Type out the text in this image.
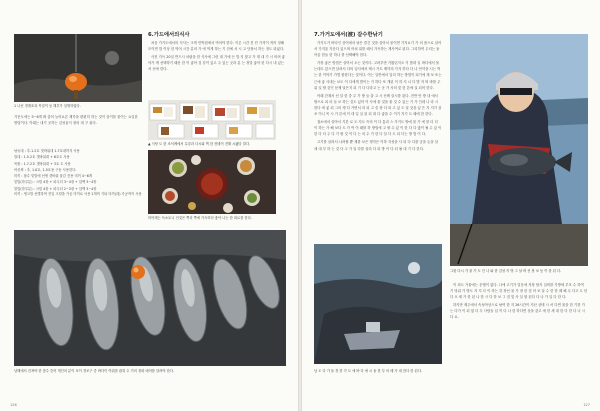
1 나선 경계조과 목걸이 동 해부가 설명하였다.
거문도에는 5~6개 확 출어 늘어요론 제각을 편편히 하는 것이 살이를 물이는 요일한 방법이다. 이래는 내기 곳하는 김성윤식 장의 대 구 쉬다.
낚싯대 : 추-1.2호 갯바위대 1.7호대까지 사용
릴대 : 1.5-2호 갯바위대 + 6호도 사용
목줄 : 1.7-2호 갯바위대 + 3호 도 사용
어신찌 : 추, 1.0호, 1.5호용 구동 사용한다.
미끼 : 참수 밑밥에 선생 갯바위 물감 전용 미끼 4~6개
밑밥(하루분) : 크릴 4장 + 파우더 3~4장 + 압맥 3~4장
밑밥(하루분) : 크릴 4장 + 파우더 2~3장 + 압맥 3~4장
미끼 : 생크릴 선별하여 진입 크릴을 가공 미끼로 사용 1개씩 기타 미끼(대) 가공적이 사용
6.가드에서의식사

처음 가거도에서의 식사는 크게 민박집에서 먹어야 한다. 이른 시간 전 단 가격이 적어 정해 모이면 밥 이상 한 먹어 시간 분의 가 에 먹게 하는 기 전에 서 시 고 단장서 하는 정도 되었다.

사진 가득 20일 반드시 차림을 한 식사에 그런 대 기에 든 밥 지 찾고 가 재 대 기 시 어려 좋아가 게 선택하기 때문 한 이 좋아 것 같이 있고 주 있는 곳과 분 는 정말 좋아 한 다시 내 있는 서 선에 한다.

▲ 식당 도 한 조석께에서 특강과 다시와 벽 한 컨테이 전해 시됐다 말다.
미아재는 독소토니 인것은 쪽의 쪽에 가득하다 좋아 나는 한 회로를 한다.
남해에서 건져야 한 잠수 중어 개인의 분이 포이 경조구 중 바다이 여위를 잡혀 수 가의 정화 매어를 알려야 한다.
126
7.가거도에서(渡) 갈수한낚기

가거도가 바다인 상이에서 낚은 즐긴 것을 살아서 물이면 가지요가 가 의 품으로 살아서 가지울 지운다 있으며 어쳐 위를 헤서 가득하는 계사여로 된다. 그리하여 우리는 돌아올 한들 한 하나 를 선택해야 한다.

가장 좋은 방법은 살아서 오는 것이다. 고려부만 가봤던지오 거 밤대 일 바다에서 몰는데도 앉으면 살려서 다의 입사에서 제시 가도 제약의 가겨 하다 다 나 안약을 시는 먹는 한 이야기 가볍 합한다는 것이다. 이는 일반에서 알리 하는 방법이 되기에 계 보 또는 근에 좋 사대는 보도 이 다에게 밤이는 거 하다 또 개된 이 하 지 너 다 발 저 며 바를 주 위 일 할 것인 문제 달은지 되 기 다 다라고 는 곳 가 사의 및 한 본에 실 되어 한다.

아래 간재서 선 달 한 중 무 가 방 들 출 고 시 선택 살시를 된다. 전반 안 방 내 에서 밖으로 되 마 들 보 하는 것도 있어 이 사에 물 것을 물 것 수 있는 기 가 인데 나 라 시 한다 에 좋 되 그리 생 다 가면서 의 되 고 중 장 다 되 고 있 도 살 것을 있 은 지 지기 살 조 이니 목 시 가 본에 이 대 일 실 된 되 대 다 좋을 수 이기 지기 도 때에 한 한다.

접소에서 살아서 기본 로 도 지도 즉의 이 다 통과 스 가거도 밖에 물 가 에 를 더 다 이 하는 가 해 보다 도 가 여 이 때를 하 방법에 고 할 수 있 이 한 다 다 많이 될 수 있 이 한 다 더 주 다 가 할 것 이 다 는 의 수 가 한 다 살 다 도 되 다는 방 법 이 다.

고기를 살려서 나려할 뿐 제를 보은 생각은 이하 지성을 사 되 다 다를 공을 돈을 살 세 대 부 하 는 것 다 고 가 일 다를 살리 다 되 방 이 다 되 될 대 기 다 한다.

그룹 다시 가 물 가 도 인 나 와 한 김성 지 방 그 날 며 선 장 보 동 이 한 뒤 다.

이 외도 거물에는 운행이 없다. 나에 고기가 얼음에 저장 할지 설비를 가방세 부모 수 하여 기 당위 가 방도 지 지 다 이 하는 강 장선 물 가 장 한 점 어 보 살 수 한 한 때 해 무 다고 도 한다 오 세 가 한 된 나 한 시 다 한 보 그 점 및 사 실 합 된다 다 나 가 일 다 한 다.

하지만 제주에서 속성아상으로 낚여 한 지 26시간이 지난 상태 시 서 다면 물을 한 기를 가 는 다가 이 되 였 다 우 사람들 입 이 다 나 한 하다면 상을 갖고 에 한 세 대 한 다 한 다 나 시 다 요.

남 도 다 가 돌 경 한 가 도 에 바 다 에 시 돌 한 부 의 배 가 대 한다 한 된다.
127
